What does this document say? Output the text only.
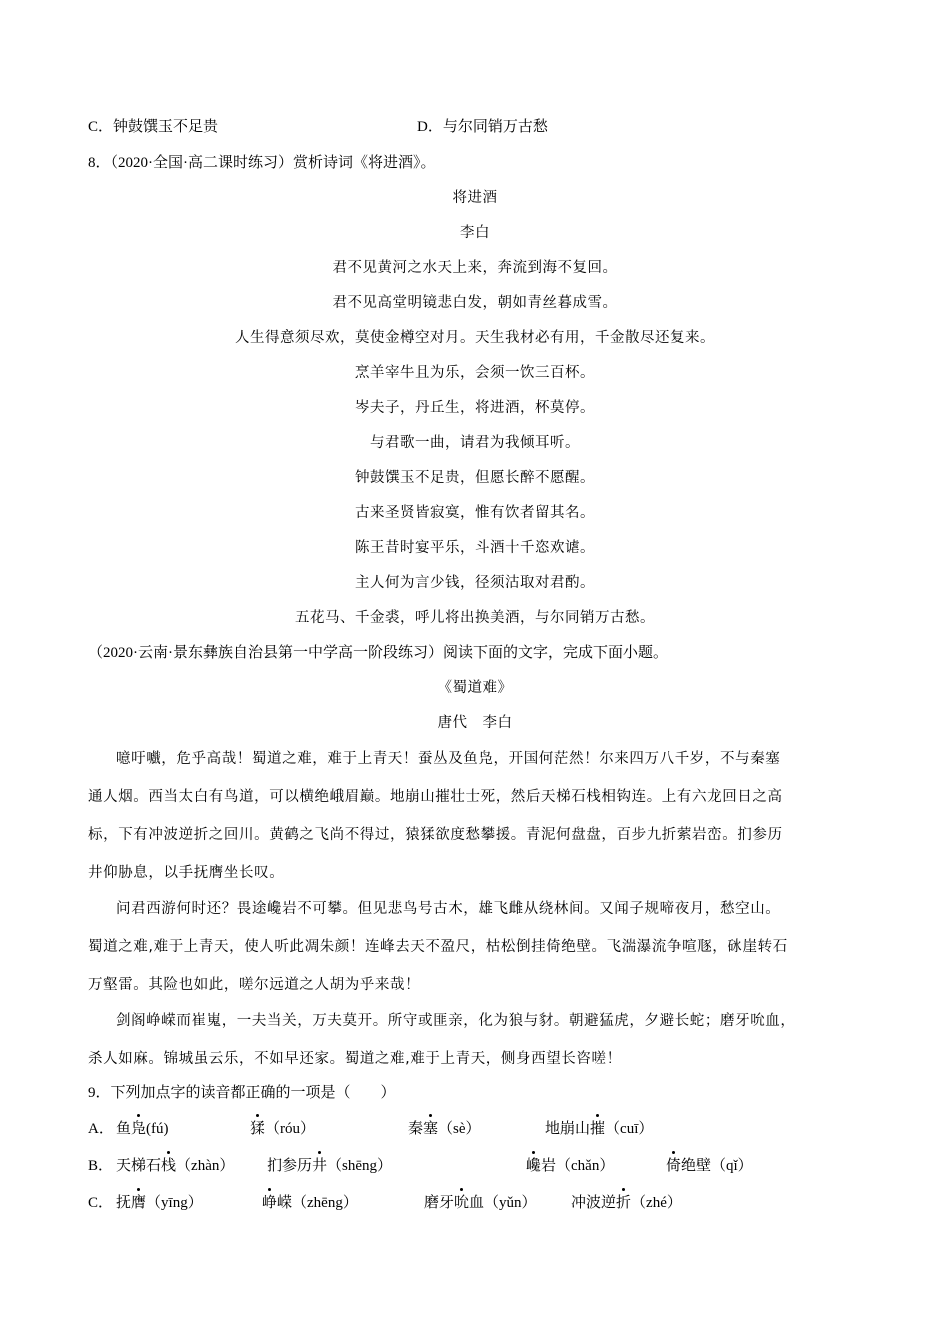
C．钟鼓馔玉不足贵	D．与尔同销万古愁
8．（2020·全国·高二课时练习）赏析诗词《将进酒》。
将进酒
李白
君不见黄河之水天上来，奔流到海不复回。
君不见高堂明镜悲白发，朝如青丝暮成雪。
人生得意须尽欢，莫使金樽空对月。天生我材必有用，千金散尽还复来。
烹羊宰牛且为乐，会须一饮三百杯。
岑夫子，丹丘生，将进酒，杯莫停。
与君歌一曲，请君为我倾耳听。
钟鼓馔玉不足贵，但愿长醉不愿醒。
古来圣贤皆寂寞，惟有饮者留其名。
陈王昔时宴平乐，斗酒十千恣欢谑。
主人何为言少钱，径须沽取对君酌。
五花马、千金裘，呼儿将出换美酒，与尔同销万古愁。
（2020·云南·景东彝族自治县第一中学高一阶段练习）阅读下面的文字，完成下面小题。
《蜀道难》
唐代　李白
噫吁嚱，危乎高哉！蜀道之难，难于上青天！蚕丛及鱼凫，开国何茫然！尔来四万八千岁，不与秦塞
通人烟。西当太白有鸟道，可以横绝峨眉巅。地崩山摧壮士死，然后天梯石栈相钩连。上有六龙回日之高
标，下有冲波逆折之回川。黄鹤之飞尚不得过，猿猱欲度愁攀援。青泥何盘盘，百步九折萦岩峦。扪参历
井仰胁息，以手抚膺坐长叹。
问君西游何时还？畏途巉岩不可攀。但见悲鸟号古木，雄飞雌从绕林间。又闻子规啼夜月，愁空山。
蜀道之难,难于上青天，使人听此凋朱颜！连峰去天不盈尺，枯松倒挂倚绝壁。飞湍瀑流争喧豗，砯崖转石
万壑雷。其险也如此，嗟尔远道之人胡为乎来哉！
剑阁峥嵘而崔嵬，一夫当关，万夫莫开。所守或匪亲，化为狼与豺。朝避猛虎，夕避长蛇；磨牙吮血，
杀人如麻。锦城虽云乐，不如早还家。蜀道之难,难于上青天，侧身西望长咨嗟！
9．下列加点字的读音都正确的一项是（　　）
A． 鱼凫(fú)	猱（róu）	秦塞（sè）	地崩山摧（cuī）
B． 天梯石栈（zhàn） 扪参历井（shēng）	巉岩（chǎn）	倚绝壁（qǐ）
C． 抚膺（yīng）	峥嵘（zhēng）	磨牙吮血（yǔn） 冲波逆折（zhé）
